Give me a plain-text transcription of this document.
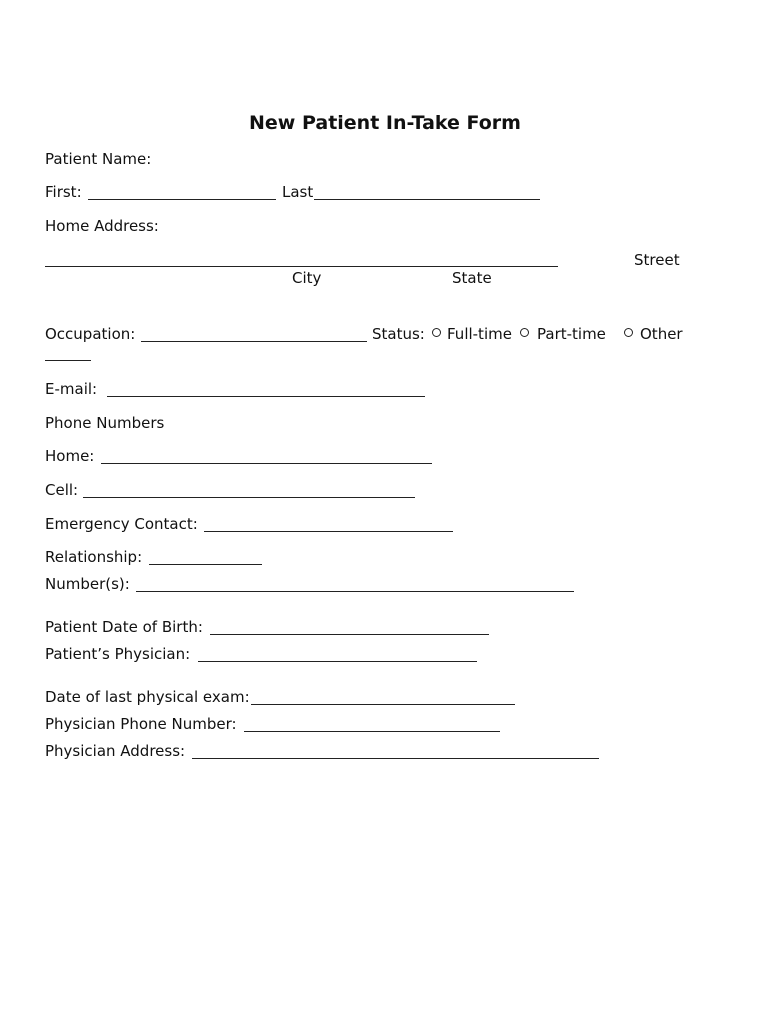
New Patient In-Take Form
Patient Name:
First:	Last
Home Address:
Street
City	State
Occupation:	Status: Full-time Part-time Other
E-mail:
Phone Numbers
Home:
Cell:
Emergency Contact:
Relationship:
Number(s):
Patient Date of Birth:
Patient’s Physician:
Date of last physical exam:
Physician Phone Number:
Physician Address:
